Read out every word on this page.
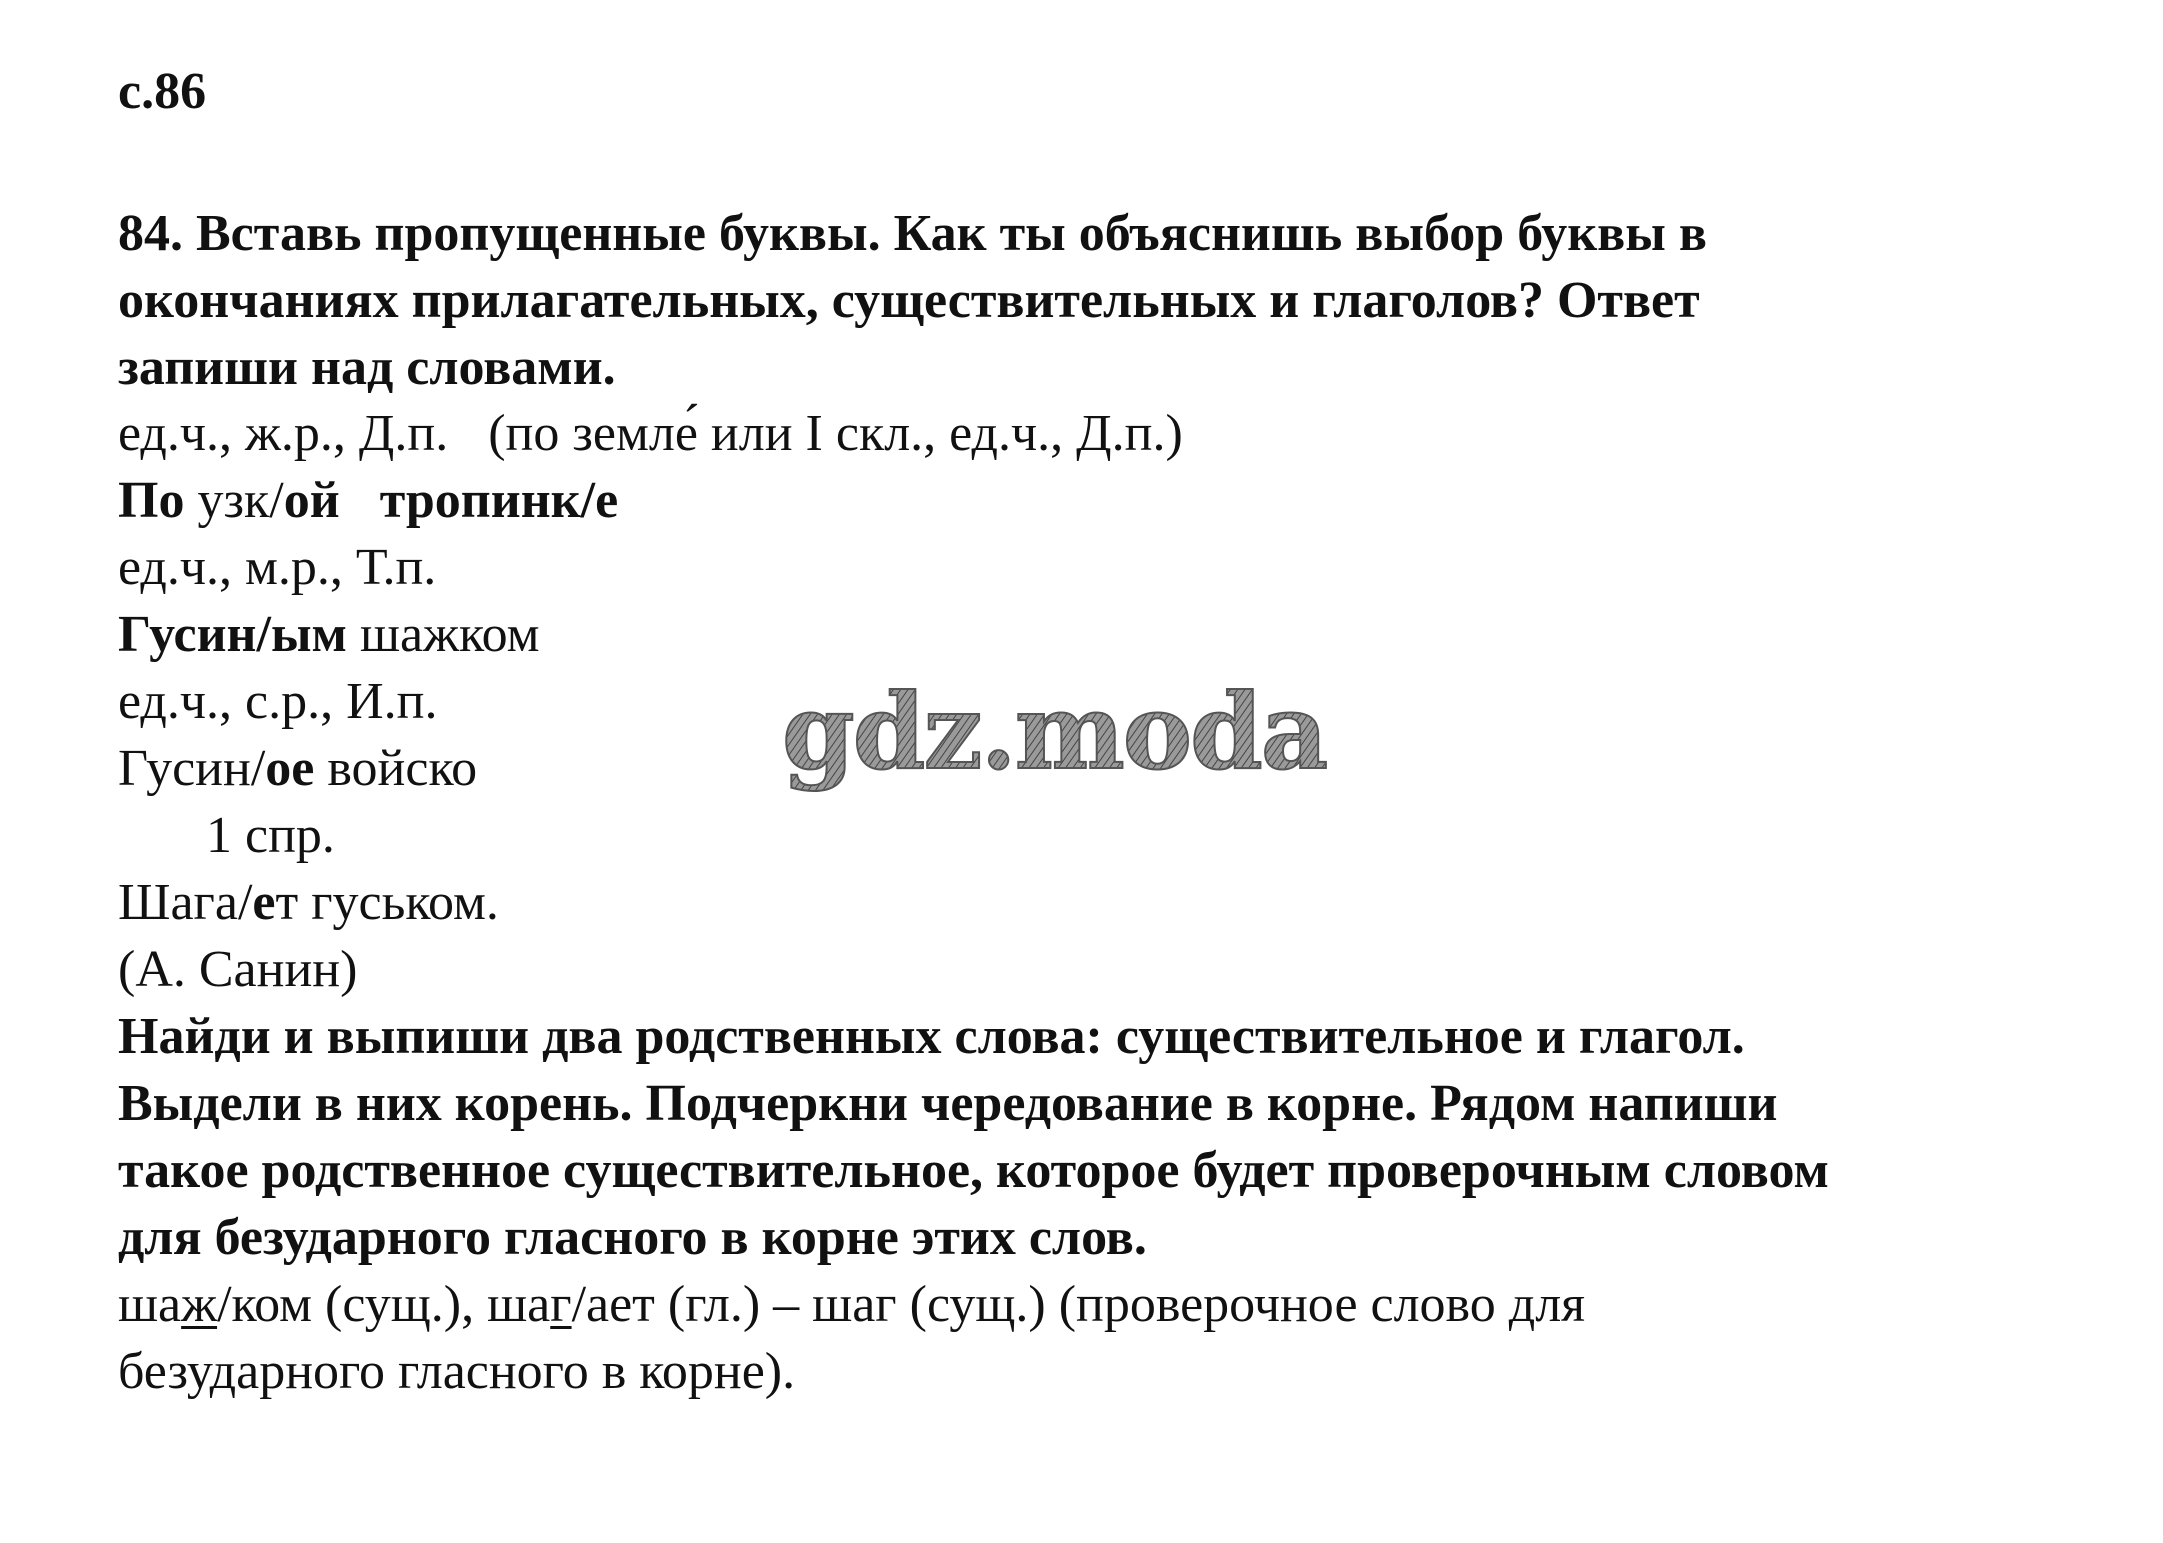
с.86
84. Вставь пропущенные буквы. Как ты объяснишь выбор буквы в
окончаниях прилагательных, существительных и глаголов? Ответ
запиши над словами.
ед.ч., ж.р., Д.п. (по земле́ или I скл., ед.ч., Д.п.)
По узк/ой тропинк/е
ед.ч., м.р., Т.п.
Гусин/ым шажком
ед.ч., с.р., И.п.
Гусин/ое войско
1 спр.
Шага/ет гуськом.
(А. Санин)
Найди и выпиши два родственных слова: существительное и глагол.
Выдели в них корень. Подчеркни чередование в корне. Рядом напиши
такое родственное существительное, которое будет проверочным словом
для безударного гласного в корне этих слов.
шаж/ком (сущ.), шаг/ает (гл.) – шаг (сущ.) (проверочное слово для
безударного гласного в корне).
gdz.moda
